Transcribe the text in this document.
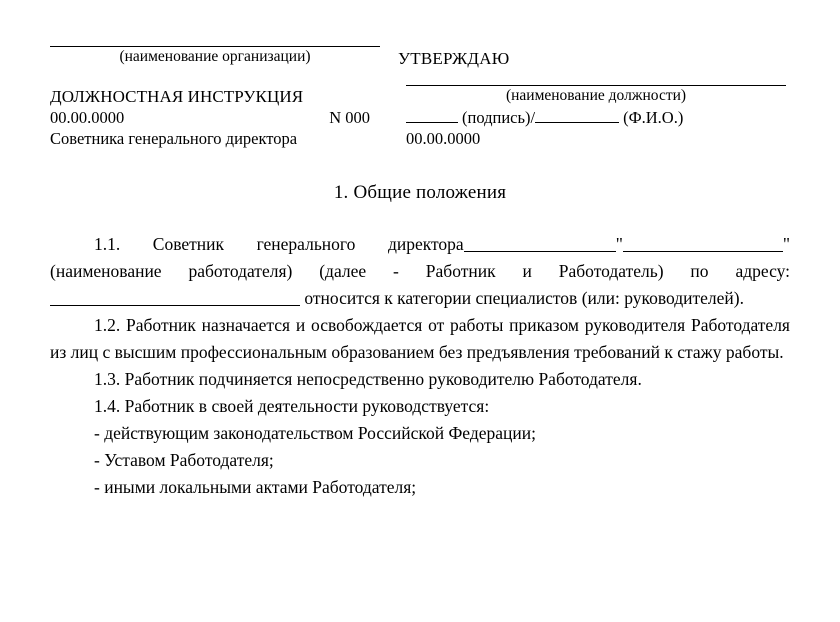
(наименование организации)	УТВЕРЖДАЮ
ДОЛЖНОСТНАЯ ИНСТРУКЦИЯ	(наименование должности)
00.00.0000	N 000	(подпись)/	(Ф.И.О.)
Советника генерального директора	00.00.0000
1. Общие положения

1.1. Советник генерального директора	"	" (наименование работодателя) (далее - Работник и Работодатель) по адресу:  относится к категории специалистов (или: руководителей).

1.2. Работник назначается и освобождается от работы приказом руководителя Работодателя из лиц с высшим профессиональным образованием без предъявления требований к стажу работы.

1.3. Работник подчиняется непосредственно руководителю Работодателя.

1.4. Работник в своей деятельности руководствуется:

- действующим законодательством Российской Федерации;

- Уставом Работодателя;

- иными локальными актами Работодателя;
